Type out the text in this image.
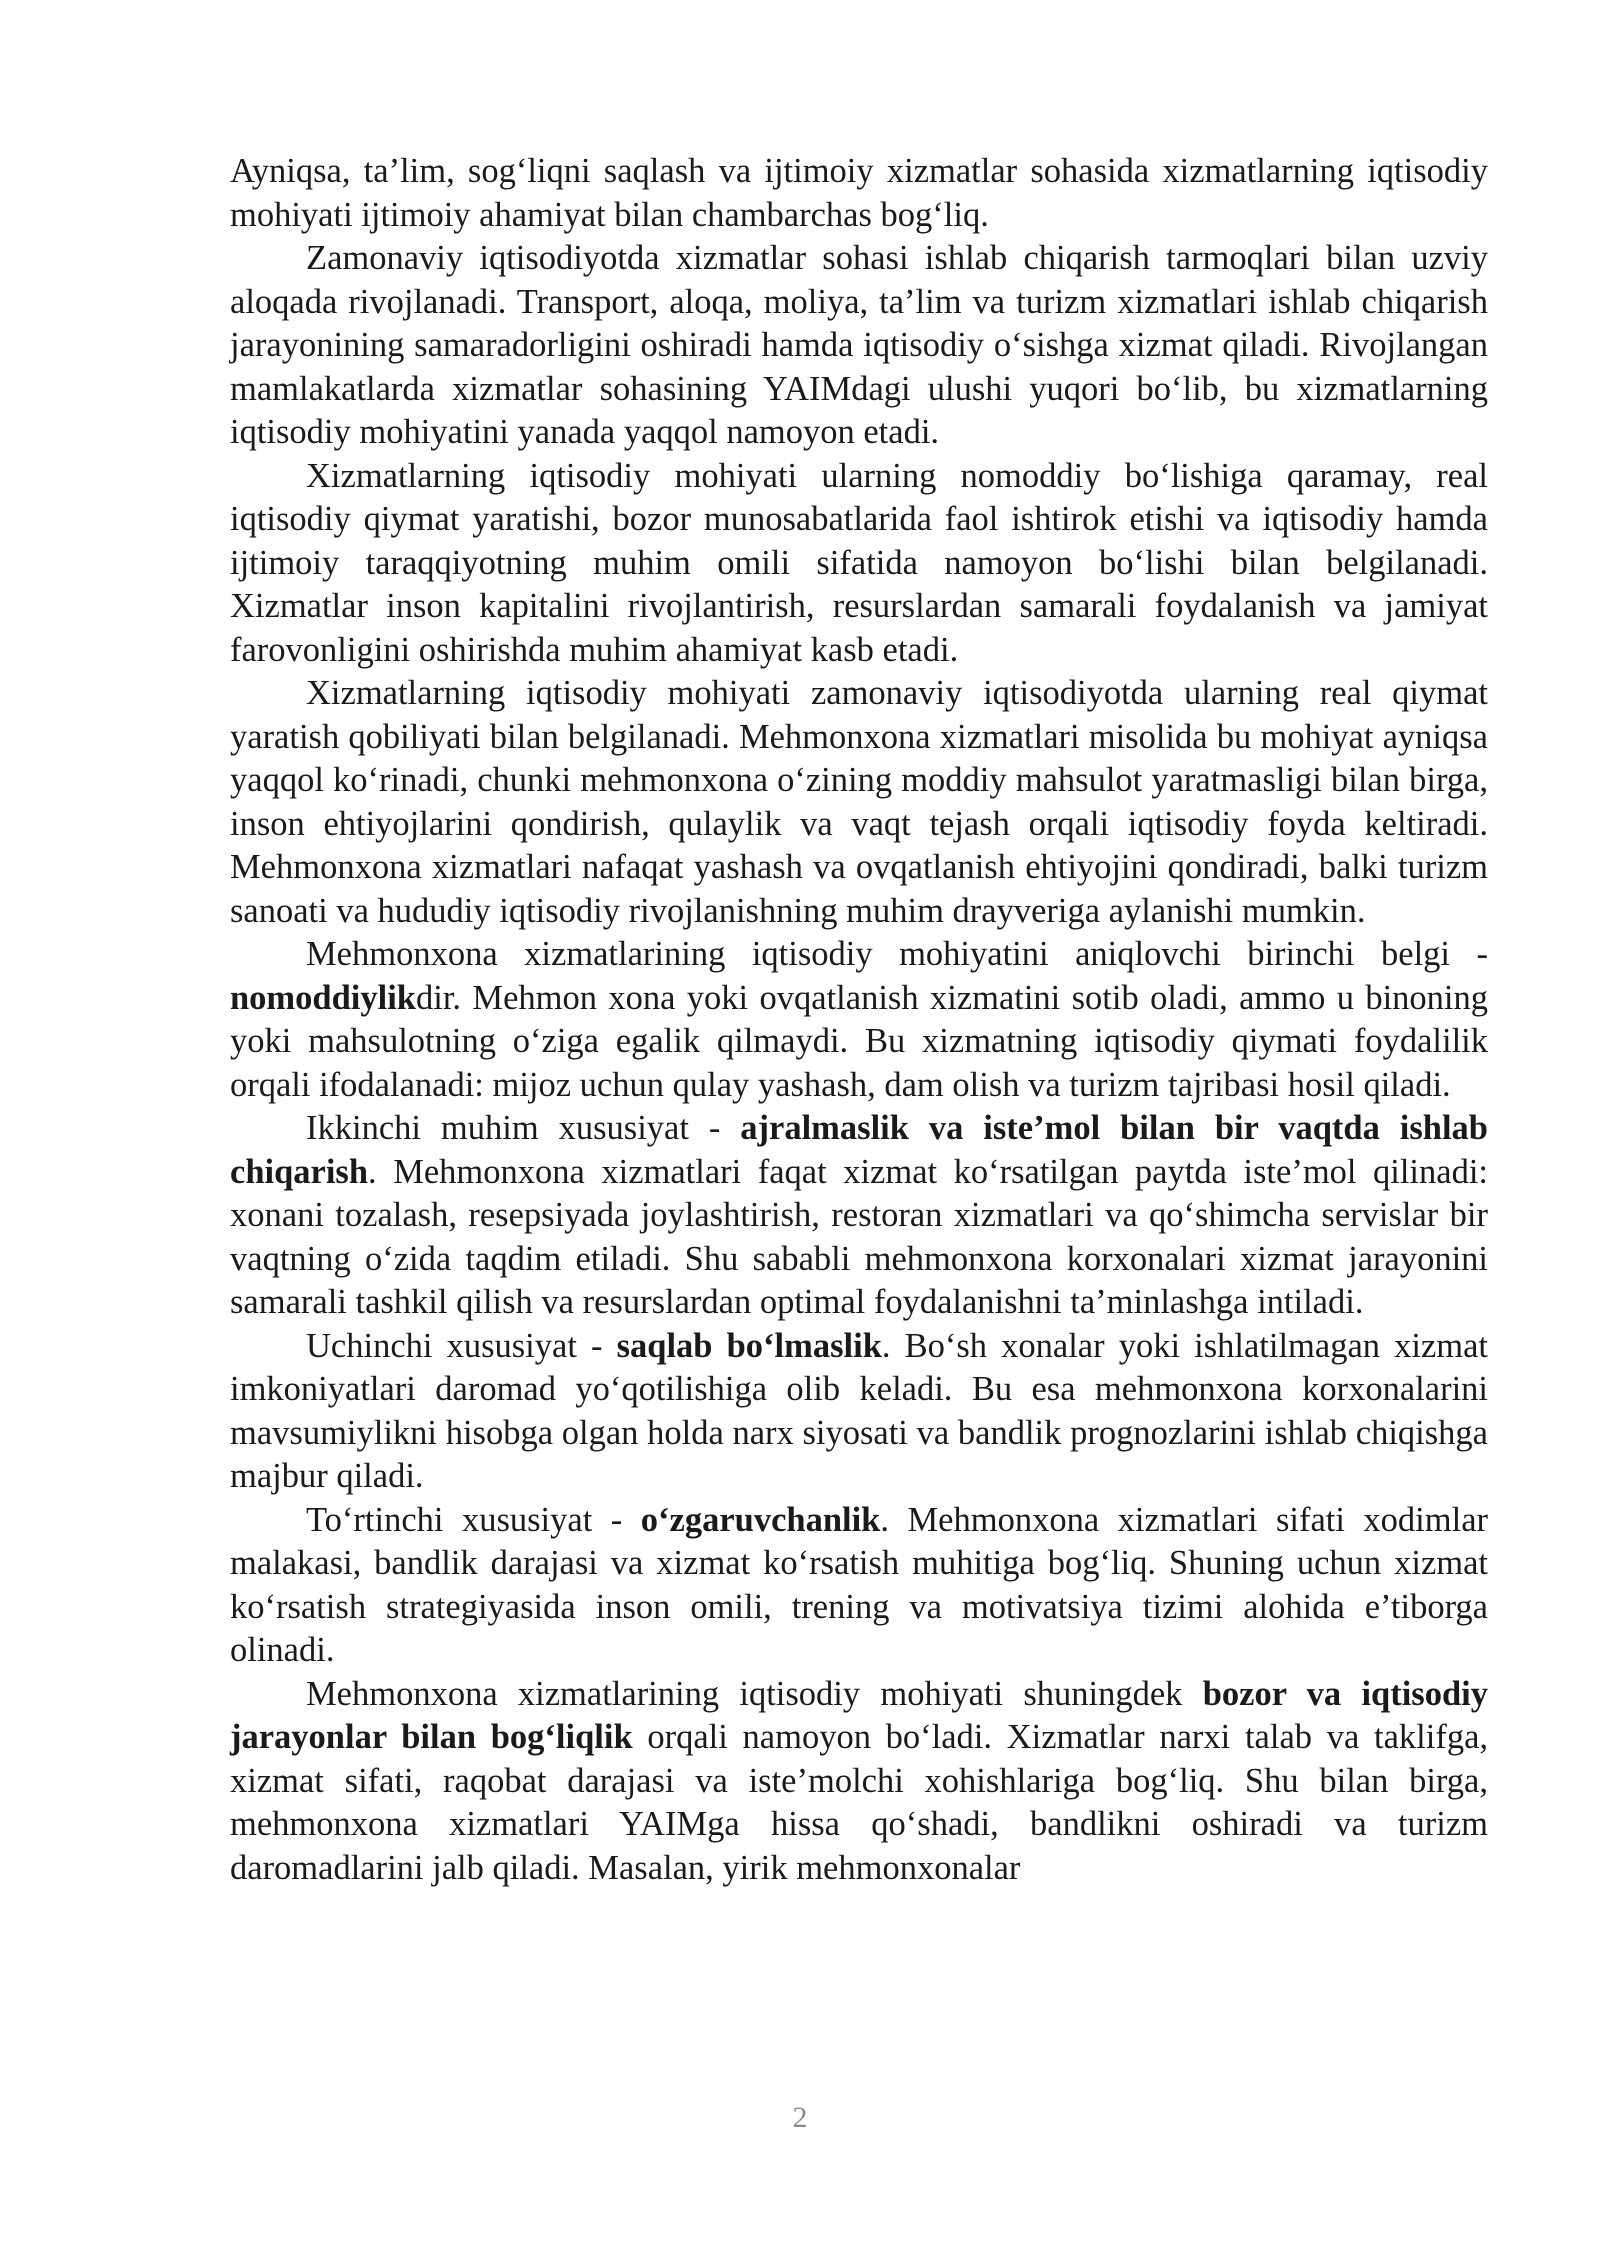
Ayniqsa, ta’lim, sog‘liqni saqlash va ijtimoiy xizmatlar sohasida xizmatlarning iqtisodiy mohiyati ijtimoiy ahamiyat bilan chambarchas bog‘liq.

Zamonaviy iqtisodiyotda xizmatlar sohasi ishlab chiqarish tarmoqlari bilan uzviy aloqada rivojlanadi. Transport, aloqa, moliya, ta’lim va turizm xizmatlari ishlab chiqarish jarayonining samaradorligini oshiradi hamda iqtisodiy o‘sishga xizmat qiladi. Rivojlangan mamlakatlarda xizmatlar sohasining YAIMdagi ulushi yuqori bo‘lib, bu xizmatlarning iqtisodiy mohiyatini yanada yaqqol namoyon etadi.

Xizmatlarning iqtisodiy mohiyati ularning nomoddiy bo‘lishiga qaramay, real iqtisodiy qiymat yaratishi, bozor munosabatlarida faol ishtirok etishi va iqtisodiy hamda ijtimoiy taraqqiyotning muhim omili sifatida namoyon bo‘lishi bilan belgilanadi. Xizmatlar inson kapitalini rivojlantirish, resurslardan samarali foydalanish va jamiyat farovonligini oshirishda muhim ahamiyat kasb etadi.

Xizmatlarning iqtisodiy mohiyati zamonaviy iqtisodiyotda ularning real qiymat yaratish qobiliyati bilan belgilanadi. Mehmonxona xizmatlari misolida bu mohiyat ayniqsa yaqqol ko‘rinadi, chunki mehmonxona o‘zining moddiy mahsulot yaratmasligi bilan birga, inson ehtiyojlarini qondirish, qulaylik va vaqt tejash orqali iqtisodiy foyda keltiradi. Mehmonxona xizmatlari nafaqat yashash va ovqatlanish ehtiyojini qondiradi, balki turizm sanoati va hududiy iqtisodiy rivojlanishning muhim drayveriga aylanishi mumkin.

Mehmonxona xizmatlarining iqtisodiy mohiyatini aniqlovchi birinchi belgi - nomoddiylikdir. Mehmon xona yoki ovqatlanish xizmatini sotib oladi, ammo u binoning yoki mahsulotning o‘ziga egalik qilmaydi. Bu xizmatning iqtisodiy qiymati foydalilik orqali ifodalanadi: mijoz uchun qulay yashash, dam olish va turizm tajribasi hosil qiladi.

Ikkinchi muhim xususiyat - ajralmaslik va iste’mol bilan bir vaqtda ishlab chiqarish. Mehmonxona xizmatlari faqat xizmat ko‘rsatilgan paytda iste’mol qilinadi: xonani tozalash, resepsiyada joylashtirish, restoran xizmatlari va qo‘shimcha servislar bir vaqtning o‘zida taqdim etiladi. Shu sababli mehmonxona korxonalari xizmat jarayonini samarali tashkil qilish va resurslardan optimal foydalanishni ta’minlashga intiladi.

Uchinchi xususiyat - saqlab bo‘lmaslik. Bo‘sh xonalar yoki ishlatilmagan xizmat imkoniyatlari daromad yo‘qotilishiga olib keladi. Bu esa mehmonxona korxonalarini mavsumiylikni hisobga olgan holda narx siyosati va bandlik prognozlarini ishlab chiqishga majbur qiladi.

To‘rtinchi xususiyat - o‘zgaruvchanlik. Mehmonxona xizmatlari sifati xodimlar malakasi, bandlik darajasi va xizmat ko‘rsatish muhitiga bog‘liq. Shuning uchun xizmat ko‘rsatish strategiyasida inson omili, trening va motivatsiya tizimi alohida e’tiborga olinadi.

Mehmonxona xizmatlarining iqtisodiy mohiyati shuningdek bozor va iqtisodiy jarayonlar bilan bog‘liqlik orqali namoyon bo‘ladi. Xizmatlar narxi talab va taklifga, xizmat sifati, raqobat darajasi va iste’molchi xohishlariga bog‘liq. Shu bilan birga, mehmonxona xizmatlari YAIMga hissa qo‘shadi, bandlikni oshiradi va turizm daromadlarini jalb qiladi. Masalan, yirik mehmonxonalar

2
